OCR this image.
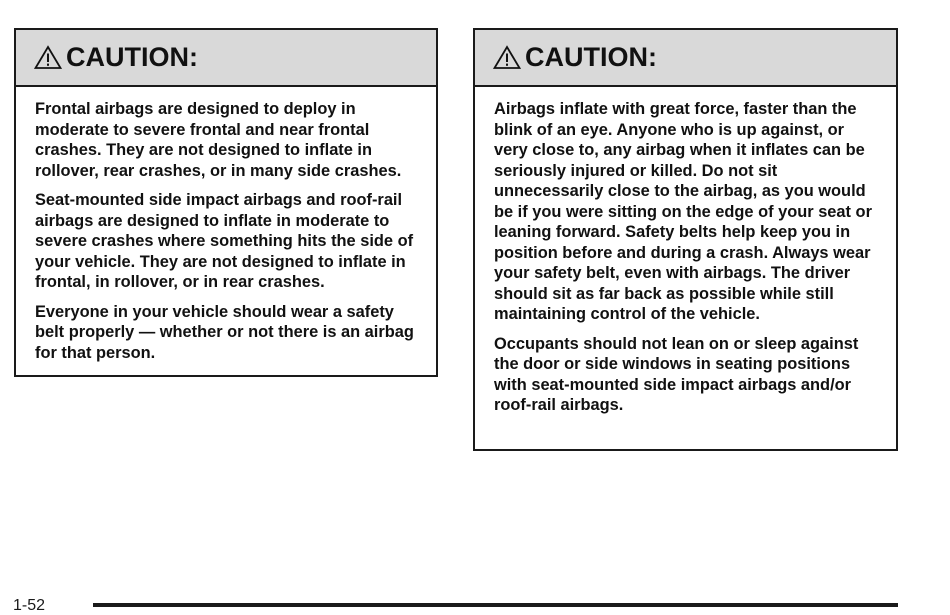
CAUTION:

Frontal airbags are designed to deploy in moderate to severe frontal and near frontal crashes. They are not designed to inflate in rollover, rear crashes, or in many side crashes.

Seat-mounted side impact airbags and roof-rail airbags are designed to inflate in moderate to severe crashes where something hits the side of your vehicle. They are not designed to inflate in frontal, in rollover, or in rear crashes.

Everyone in your vehicle should wear a safety belt properly — whether or not there is an airbag for that person.

CAUTION:

Airbags inflate with great force, faster than the blink of an eye. Anyone who is up against, or very close to, any airbag when it inflates can be seriously injured or killed. Do not sit unnecessarily close to the airbag, as you would be if you were sitting on the edge of your seat or leaning forward. Safety belts help keep you in position before and during a crash. Always wear your safety belt, even with airbags. The driver should sit as far back as possible while still maintaining control of the vehicle.

Occupants should not lean on or sleep against the door or side windows in seating positions with seat-mounted side impact airbags and/or roof-rail airbags.

1-52
